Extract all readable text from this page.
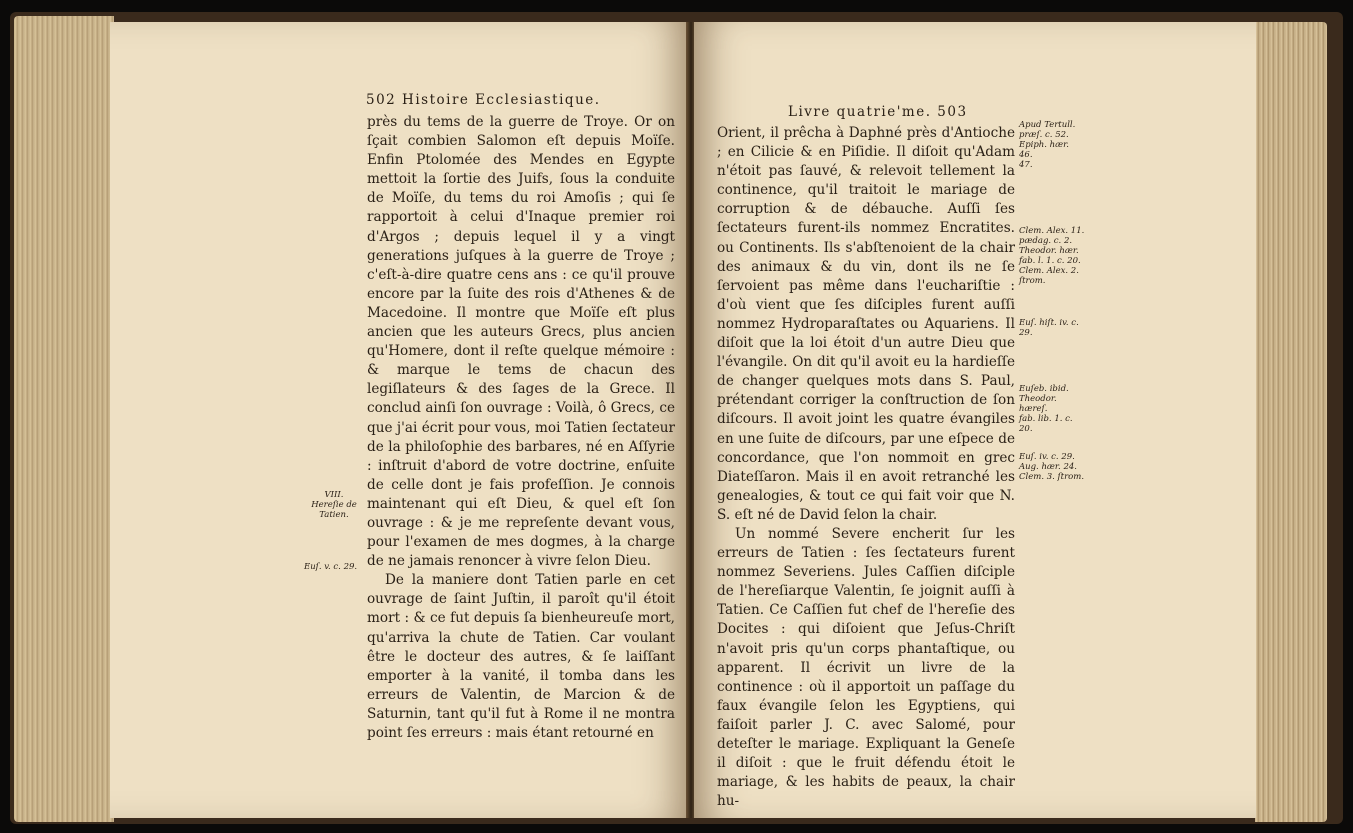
502 Histoire Ecclesiastique.

près du tems de la guerre de Troye. Or on ſçait combien Salomon eſt depuis Moïſe. Enfin Ptolomée des Mendes en Egypte mettoit la ſortie des Juifs, ſous la conduite de Moïſe, du tems du roi Amoſis ; qui ſe rapportoit à celui d'Inaque premier roi d'Argos ; depuis lequel il y a vingt generations juſques à la guerre de Troye ; c'eſt-à-dire quatre cens ans : ce qu'il prouve encore par la ſuite des rois d'Athenes & de Macedoine. Il montre que Moïſe eſt plus ancien que les auteurs Grecs, plus ancien qu'Homere, dont il reſte quelque mémoire : & marque le tems de chacun des legiſlateurs & des ſages de la Grece. Il conclud ainſi ſon ouvrage : Voilà, ô Grecs, ce que j'ai écrit pour vous, moi Tatien ſectateur de la philoſophie des barbares, né en Aſſyrie : inſtruit d'abord de votre doctrine, enſuite de celle dont je fais profeſſion. Je connois maintenant qui eſt Dieu, & quel eſt ſon ouvrage : & je me repreſente devant vous, pour l'examen de mes dogmes, à la charge de ne jamais renoncer à vivre ſelon Dieu.

De la maniere dont Tatien parle en cet ouvrage de ſaint Juſtin, il paroît qu'il étoit mort : & ce fut depuis ſa bienheureuſe mort, qu'arriva la chute de Tatien. Car voulant être le docteur des autres, & ſe laiſſant emporter à la vanité, il tomba dans les erreurs de Valentin, de Marcion & de Saturnin, tant qu'il fut à Rome il ne montra point ſes erreurs : mais étant retourné en

VIII.
Hereſie de Tatien.
Euſ. v. c. 29.
Livre quatrie'me. 503

Orient, il prêcha à Daphné près d'Antioche ; en Cilicie & en Piſidie. Il diſoit qu'Adam n'étoit pas ſauvé, & relevoit tellement la continence, qu'il traitoit le mariage de corruption & de débauche. Auſſi ſes ſectateurs furent-ils nommez Encratites. ou Continents. Ils s'abſtenoient de la chair des animaux & du vin, dont ils ne ſe ſervoient pas même dans l'euchariſtie : d'où vient que ſes diſciples furent auſſi nommez Hydroparaſtates ou Aquariens. Il diſoit que la loi étoit d'un autre Dieu que l'évangile. On dit qu'il avoit eu la hardieſſe de changer quelques mots dans S. Paul, prétendant corriger la conſtruction de ſon diſcours. Il avoit joint les quatre évangiles en une ſuite de diſcours, par une eſpece de concordance, que l'on nommoit en grec Diateſſaron. Mais il en avoit retranché les genealogies, & tout ce qui fait voir que N. S. eſt né de David ſelon la chair.

Un nommé Severe encherit ſur les erreurs de Tatien : ſes ſectateurs furent nommez Severiens. Jules Caſſien diſciple de l'hereſiarque Valentin, ſe joignit auſſi à Tatien. Ce Caſſien fut chef de l'hereſie des Docites : qui diſoient que Jeſus-Chriſt n'avoit pris qu'un corps phantaſtique, ou apparent. Il écrivit un livre de la continence : où il apportoit un paſſage du faux évangile ſelon les Egyptiens, qui faiſoit parler J. C. avec Salomé, pour deteſter le mariage. Expliquant la Geneſe il diſoit : que le fruit défendu étoit le mariage, & les habits de peaux, la chair hu-

Apud Tertull.
præſ. c. 52.
Epiph. hær. 46.
47.
Clem. Alex. 11.
pædag. c. 2.
Theodor. hær.
fab. l. 1. c. 20.
Clem. Alex. 2.
ſtrom.
Euſ. hiſt. iv. c.
29.
Euſeb. ibid.
Theodor. hæreſ.
fab. lib. 1. c. 20.
Euſ. iv. c. 29.
Aug. hær. 24.
Clem. 3. ſtrom.
